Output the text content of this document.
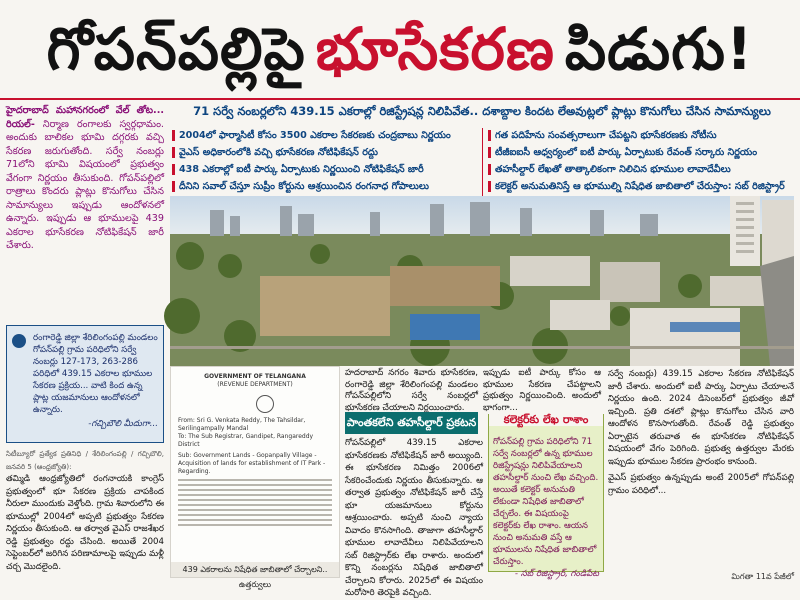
గోపన్‌పల్లిపై భూసేకరణ పిడుగు!

హైదరాబాద్‌ మహానగరంలో వేల్‌ తోట... రియల్‌- నిర్మాణ రంగాలకు స్వర్గధామం. అందుకు బాలికల భూమి దగ్గరకు వచ్చి సేకరణ జరుగుతోంది. సర్వే నంబర్లు 71లోని భూమి విషయంలో ప్రభుత్వం వేగంగా నిర్ణయం తీసుకుంది. గోపన్‌పల్లిలో రాత్రాలు కొందరు ప్లాట్లు కొనుగోలు చేసిన సామాన్యులు ఇప్పుడు ఆందోళనలో ఉన్నారు. ఇప్పుడు ఆ భూములపై 439 ఎకరాల భూసేకరణ నోటిఫికేషన్‌ జారీ చేశారు.

రంగారెడ్డి జిల్లా శేరిలింగంపల్లి మండలం గోపన్‌పల్లి గ్రామ పరిధిలోని సర్వే నంబర్లు 127-173, 263-286 పరిధిలో 439.15 ఎకరాల భూముల సేకరణ ప్రక్రియ... వాటి కింద ఉన్న ప్లాట్ల యజమానులు ఆందోళనలో ఉన్నారు.
-గచ్చిబౌలి మీదుగా...
71 సర్వే నంబర్లలోని 439.15 ఎకరాల్లో రిజిస్ట్రేషన్ల నిలిపివేత.. దశాబ్దాల కిందట లేఅవుట్లలో ప్లాట్లు కొనుగోలు చేసిన సామాన్యులు
2004లో ఫార్మాసిటీ కోసం 3500 ఎకరాల సేకరణకు చంద్రబాబు నిర్ణయం
వైఎస్‌ అధికారంలోకి వచ్చి భూసేకరణ నోటిఫికేషన్‌ రద్దు
438 ఎకరాల్లో ఐటీ పార్కు ఏర్పాటుకు నిర్ణయించి నోటిఫికేషన్‌ జారీ
దీనిని సవాల్‌ చేస్తూ సుప్రీం కోర్టును ఆశ్రయించిన రంగనాధ గోపాలులు
గత పదిహేను సంవత్సరాలుగా చేపట్టని భూసేకరణకు నోటీసు
టీజీఐఐసీ ఆధ్వర్యంలో ఐటీ పార్కు ఏర్పాటుకు రేవంత్‌ సర్కారు నిర్ణయం
తహసీల్దార్‌ లేఖతో తాత్కాలికంగా నిలిచిన భూముల లావాదేవీలు
కలెక్టర్‌ అనుమతినిస్తే ఆ భూముల్ని నిషేధిత జాబితాలో చేరుస్తాం: సబ్‌ రిజిస్ట్రార్‌
GOVERNMENT OF TELANGANA
(REVENUE DEPARTMENT)
From: Sri G. Venkata Reddy, The Tahsildar, Serilingampally Mandal
To: The Sub Registrar, Gandipet, Rangareddy District
Sub: Government Lands - Gopanpally Village - Acquisition of lands for establishment of IT Park - Regarding.
439 ఎకరాలను నిషేధిత జాబితాలో చేర్చాలని.. ఉత్తర్వులు
హదరాబాద్‌ నగరం శివారు భూసేకరణ, రంగారెడ్డి జిల్లా శేరిలింగంపల్లి మండలం గోపన్‌పల్లిలోని సర్వే నంబర్లలో భూసేకరణ చేయాలని నిర్ణయించారు.
ఇప్పుడు ఐటీ పార్కు కోసం ఆ భూముల సేకరణ చేపట్టాలని ప్రభుత్వం నిర్ణయించింది. అందులో భాగంగా...
పాంతకలేని తహసీల్దార్‌ ప్రకటన
గోపన్‌పల్లిలో 439.15 ఎకరాల భూసేకరణకు నోటిఫికేషన్‌ జారీ అయ్యింది. ఈ భూసేకరణ నిమిత్తం 2006లో సేకరించేందుకు నిర్ణయం తీసుకున్నారు. ఆ తర్వాత ప్రభుత్వం నోటిఫికేషన్‌ జారీ చేస్తే భూ యజమానులు కోర్టును ఆశ్రయించారు. అప్పటి నుంచి న్యాయ వివాదం కొనసాగింది. తాజాగా తహసీల్దార్‌ భూముల లావాదేవీలు నిలిపివేయాలని సబ్‌ రిజిస్ట్రార్‌కు లేఖ రాశారు. అందులో కొన్ని నంబర్లను నిషేధిత జాబితాలో చేర్చాలని కోరారు. 2025లో ఈ విషయం మరోసారి తెరపైకి వచ్చింది.
కలెక్టర్‌కు లేఖ రాశాం
గోపన్‌పల్లి గ్రామ పరిధిలోని 71 సర్వే నంబర్లలో ఉన్న భూముల రిజిస్ట్రేషన్లు నిలిపివేయాలని తహసీల్దార్‌ నుంచి లేఖ వచ్చింది. అయితే కలెక్టర్‌ అనుమతి లేకుండా నిషేధిత జాబితాలో చేర్చలేం. ఈ విషయంపై కలెక్టర్‌కు లేఖ రాశాం. ఆయన నుంచి అనుమతి వస్తే ఆ భూములను నిషేధిత జాబితాలో చేరుస్తాం.
- సబ్‌ రిజిస్ట్రార్‌, గండిపేట
సర్వే నంబర్లు) 439.15 ఎకరాల సేకరణ నోటిఫికేషన్‌ జారీ చేశారు. అందులో ఐటీ పార్కు ఏర్పాటు చేయాలనే నిర్ణయం ఉంది. 2024 డిసెంబర్‌లో ప్రభుత్వం జీవో ఇచ్చింది. ప్రతి దశలో ప్లాట్లు కొనుగోలు చేసిన వారి ఆందోళన కొనసాగుతోంది. రేవంత్‌ రెడ్డి ప్రభుత్వం ఏర్పాటైన తరువాత ఈ భూసేకరణ నోటిఫికేషన్‌ విషయంలో వేగం పెరిగింది. ప్రభుత్వ ఉత్తర్వుల మేరకు ఇప్పుడు భూముల సేకరణ ప్రారంభం కానుంది.
వైఎస్‌ ప్రభుత్వం ఉన్నప్పుడు అంటే 2005లో గోపన్‌పల్లి గ్రామం పరిధిలో...
మిగతా 11వ పేజీలో
సిటీబ్యూరో ప్రత్యేక ప్రతినిధి / శేరిలింగంపల్లి / గచ్చిబౌలి, జనవరి 5 (ఆంధ్రజ్యోతి):
తమ్మిడి ఆంధ్రజ్యోతిలో రంగనాయకి కాంగ్రెస్‌ ప్రభుత్వంలో భూ సేకరణ ప్రక్రియ చాపకింద నీరులా ముందుకు వెళ్తోంది. గ్రామ శివారులోని ఈ భూముల్లో 2004లో అప్పటి ప్రభుత్వం సేకరణ నిర్ణయం తీసుకుంది. ఆ తర్వాత వైఎస్‌ రాజశేఖర రెడ్డి ప్రభుత్వం రద్దు చేసింది. అయితే 2004 సెప్టెంబర్‌లో జరిగిన పరిణామాలపై ఇప్పుడు మళ్లీ చర్చ మొదలైంది.
